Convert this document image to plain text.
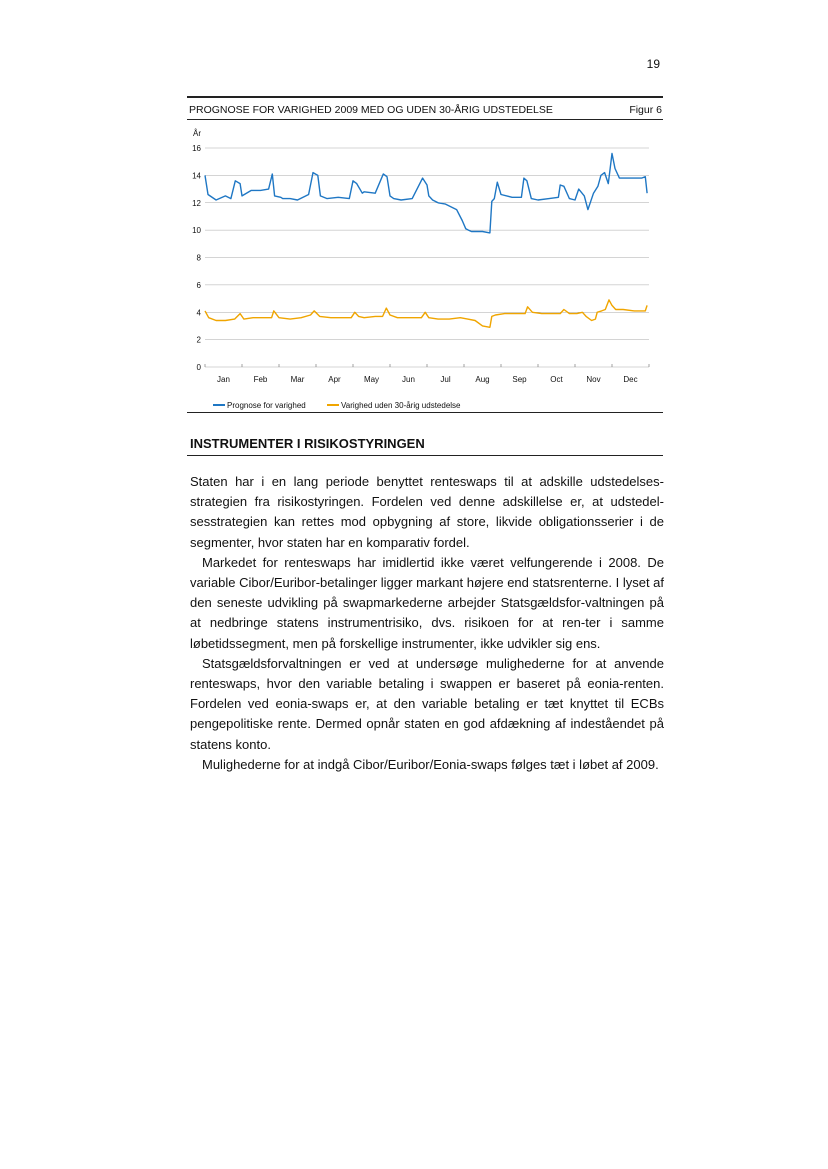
19
PROGNOSE FOR VARIGHED 2009 MED OG UDEN 30-ÅRIG UDSTEDELSE	Figur 6
År
0
2
4
6
8
10
12
14
16
Jan	Feb	Mar	Apr	May	Jun	Jul	Aug	Sep	Oct	Nov	Dec
Prognose for varighed	Varighed uden 30-årig udstedelse
INSTRUMENTER I RISIKOSTYRINGEN

Staten har i en lang periode benyttet renteswaps til at adskille udstedelses-strategien fra risikostyringen. Fordelen ved denne adskillelse er, at udstedel-sesstrategien kan rettes mod opbygning af store, likvide obligationsserier i de segmenter, hvor staten har en komparativ fordel.

Markedet for renteswaps har imidlertid ikke været velfungerende i 2008. De variable Cibor/Euribor-betalinger ligger markant højere end statsrenterne. I lyset af den seneste udvikling på swapmarkederne arbejder Statsgældsfor-valtningen på at nedbringe statens instrumentrisiko, dvs. risikoen for at ren-ter i samme løbetidssegment, men på forskellige instrumenter, ikke udvikler sig ens.

Statsgældsforvaltningen er ved at undersøge mulighederne for at anvende renteswaps, hvor den variable betaling i swappen er baseret på eonia-renten. Fordelen ved eonia-swaps er, at den variable betaling er tæt knyttet til ECBs pengepolitiske rente. Dermed opnår staten en god afdækning af indeståendet på statens konto.

Mulighederne for at indgå Cibor/Euribor/Eonia-swaps følges tæt i løbet af 2009.
